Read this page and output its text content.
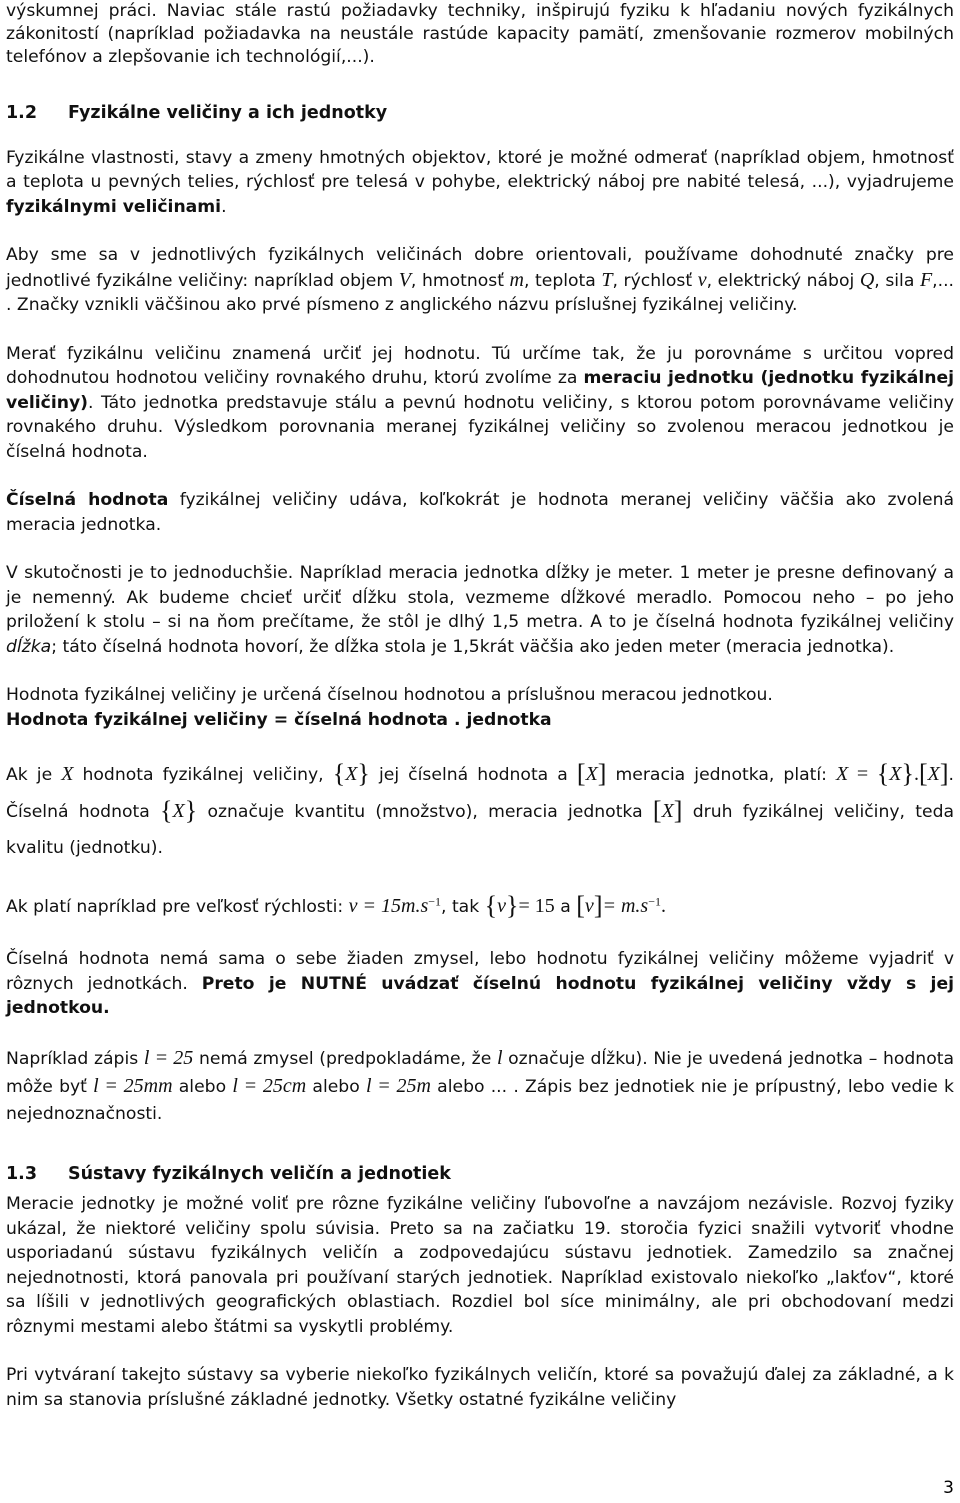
výskumnej práci. Naviac stále rastú požiadavky techniky, inšpirujú fyziku k hľadaniu nových fyzikálnych zákonitostí (napríklad požiadavka na neustále rastúde kapacity pamätí, zmenšovanie rozmerov mobilných telefónov a zlepšovanie ich technológií,...).

1.2 Fyzikálne veličiny a ich jednotky

Fyzikálne vlastnosti, stavy a zmeny hmotných objektov, ktoré je možné odmerať (napríklad objem, hmotnosť a teplota u pevných telies, rýchlosť pre telesá v pohybe, elektrický náboj pre nabité telesá, ...), vyjadrujeme fyzikálnymi veličinami.

Aby sme sa v jednotlivých fyzikálnych veličinách dobre orientovali, používame dohodnuté značky pre jednotlivé fyzikálne veličiny: napríklad objem V, hmotnosť m, teplota T, rýchlosť v, elektrický náboj Q, sila F,... . Značky vznikli väčšinou ako prvé písmeno z anglického názvu príslušnej fyzikálnej veličiny.

Merať fyzikálnu veličinu znamená určiť jej hodnotu. Tú určíme tak, že ju porovnáme s určitou vopred dohodnutou hodnotou veličiny rovnakého druhu, ktorú zvolíme za meraciu jednotku (jednotku fyzikálnej veličiny). Táto jednotka predstavuje stálu a pevnú hodnotu veličiny, s ktorou potom porovnávame veličiny rovnakého druhu. Výsledkom porovnania meranej fyzikálnej veličiny so zvolenou meracou jednotkou je číselná hodnota.

Číselná hodnota fyzikálnej veličiny udáva, koľkokrát je hodnota meranej veličiny väčšia ako zvolená meracia jednotka.

V skutočnosti je to jednoduchšie. Napríklad meracia jednotka dĺžky je meter. 1 meter je presne definovaný a je nemenný. Ak budeme chcieť určiť dĺžku stola, vezmeme dĺžkové meradlo. Pomocou neho – po jeho priložení k stolu – si na ňom prečítame, že stôl je dlhý 1,5 metra. A to je číselná hodnota fyzikálnej veličiny dĺžka; táto číselná hodnota hovorí, že dĺžka stola je 1,5krát väčšia ako jeden meter (meracia jednotka).

Hodnota fyzikálnej veličiny je určená číselnou hodnotou a príslušnou meracou jednotkou.
Hodnota fyzikálnej veličiny = číselná hodnota . jednotka

Ak je X hodnota fyzikálnej veličiny, {X} jej číselná hodnota a [X] meracia jednotka, platí: X = {X}.[X]. Číselná hodnota {X} označuje kvantitu (množstvo), meracia jednotka [X] druh fyzikálnej veličiny, teda kvalitu (jednotku).

Ak platí napríklad pre veľkosť rýchlosti: $v = 15m.s^{-1}$, tak {v}= 15 a $[v]= m.s^{-1}$.

Číselná hodnota nemá sama o sebe žiaden zmysel, lebo hodnotu fyzikálnej veličiny môžeme vyjadriť v rôznych jednotkách. Preto je NUTNÉ uvádzať číselnú hodnotu fyzikálnej veličiny vždy s jej jednotkou.

Napríklad zápis l = 25 nemá zmysel (predpokladáme, že l označuje dĺžku). Nie je uvedená jednotka – hodnota môže byť l = 25mm alebo l = 25cm alebo l = 25m alebo ... . Zápis bez jednotiek nie je prípustný, lebo vedie k nejednoznačnosti.

1.3 Sústavy fyzikálnych veličín a jednotiek

Meracie jednotky je možné voliť pre rôzne fyzikálne veličiny ľubovoľne a navzájom nezávisle. Rozvoj fyziky ukázal, že niektoré veličiny spolu súvisia. Preto sa na začiatku 19. storočia fyzici snažili vytvoriť vhodne usporiadanú sústavu fyzikálnych veličín a zodpovedajúcu sústavu jednotiek. Zamedzilo sa značnej nejednotnosti, ktorá panovala pri používaní starých jednotiek. Napríklad existovalo niekoľko „lakťov“, ktoré sa líšili v jednotlivých geografických oblastiach. Rozdiel bol síce minimálny, ale pri obchodovaní medzi rôznymi mestami alebo štátmi sa vyskytli problémy.

Pri vytváraní takejto sústavy sa vyberie niekoľko fyzikálnych veličín, ktoré sa považujú ďalej za základné, a k nim sa stanovia príslušné základné jednotky. Všetky ostatné fyzikálne veličiny

3
